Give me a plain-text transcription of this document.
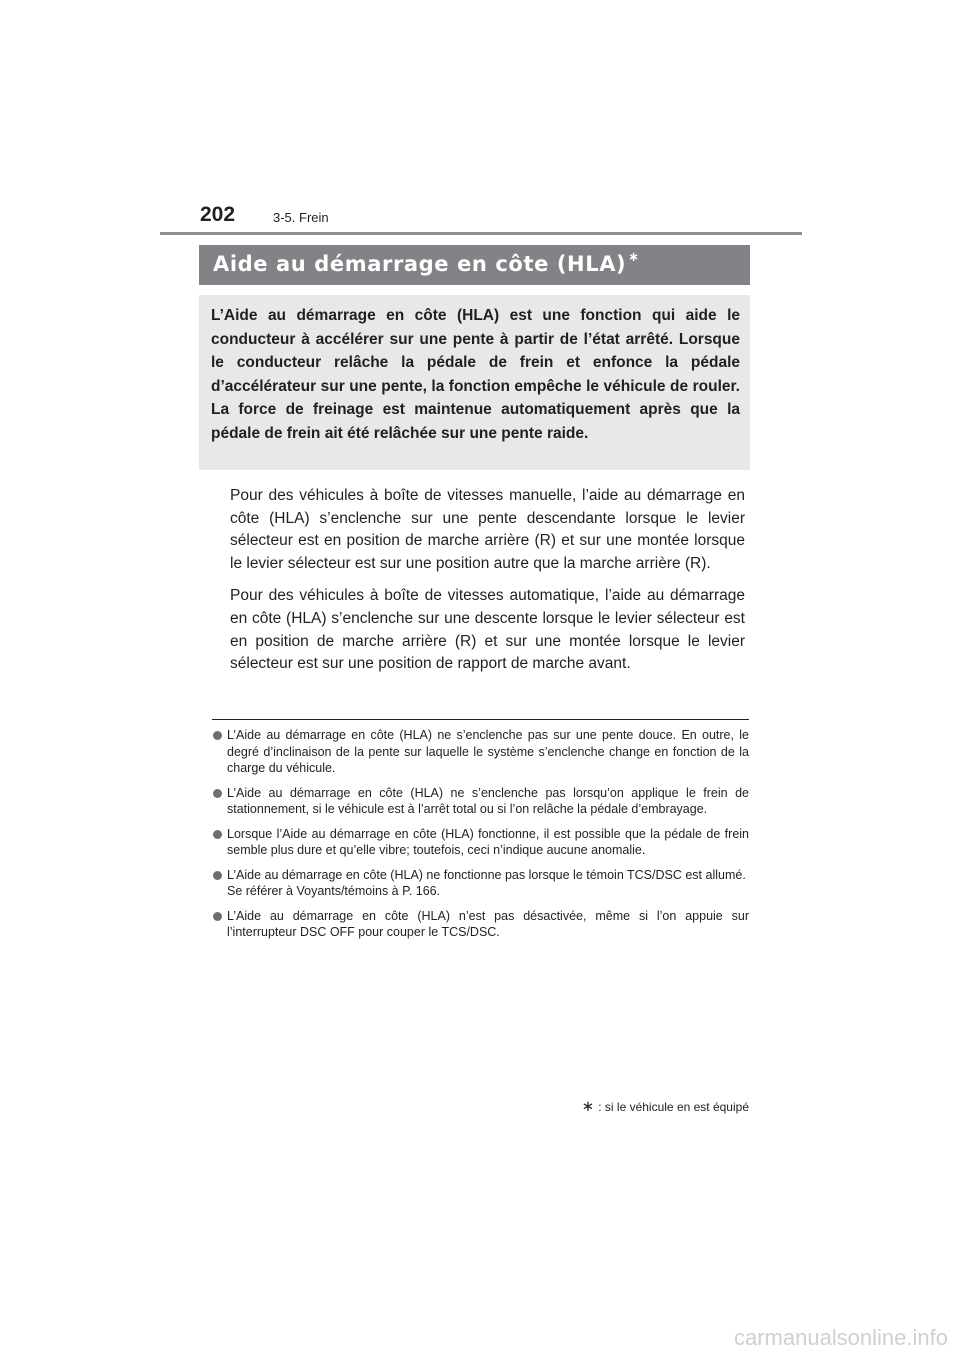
202	3-5. Frein
Aide au démarrage en côte (HLA) ∗

L’Aide au démarrage en côte (HLA) est une fonction qui aide le conducteur à accélérer sur une pente à partir de l’état arrêté. Lorsque le conducteur relâche la pédale de frein et enfonce la pédale d’accélérateur sur une pente, la fonction empêche le véhicule de rouler. La force de freinage est maintenue automatiquement après que la pédale de frein ait été relâchée sur une pente raide.

Pour des véhicules à boîte de vitesses manuelle, l’aide au démarrage en côte (HLA) s’enclenche sur une pente descendante lorsque le levier sélecteur est en position de marche arrière (R) et sur une montée lorsque le levier sélecteur est sur une position autre que la marche arrière (R).

Pour des véhicules à boîte de vitesses automatique, l’aide au démarrage en côte (HLA) s’enclenche sur une descente lorsque le levier sélecteur est en position de marche arrière (R) et sur une montée lorsque le levier sélecteur est sur une position de rapport de marche avant.

L’Aide au démarrage en côte (HLA) ne s’enclenche pas sur une pente douce. En outre, le degré d’inclinaison de la pente sur laquelle le système s’enclenche change en fonction de la charge du véhicule.
L’Aide au démarrage en côte (HLA) ne s’enclenche pas lorsqu’on applique le frein de stationnement, si le véhicule est à l’arrêt total ou si l’on relâche la pédale d’embrayage.
Lorsque l’Aide au démarrage en côte (HLA) fonctionne, il est possible que la pédale de frein semble plus dure et qu’elle vibre; toutefois, ceci n’indique aucune anomalie.
L’Aide au démarrage en côte (HLA) ne fonctionne pas lorsque le témoin TCS/DSC est allumé.
Se référer à Voyants/témoins à P. 166.
L’Aide au démarrage en côte (HLA) n’est pas désactivée, même si l’on appuie sur l’interrupteur DSC OFF pour couper le TCS/DSC.
∗ : si le véhicule en est équipé
carmanualsonline.info
